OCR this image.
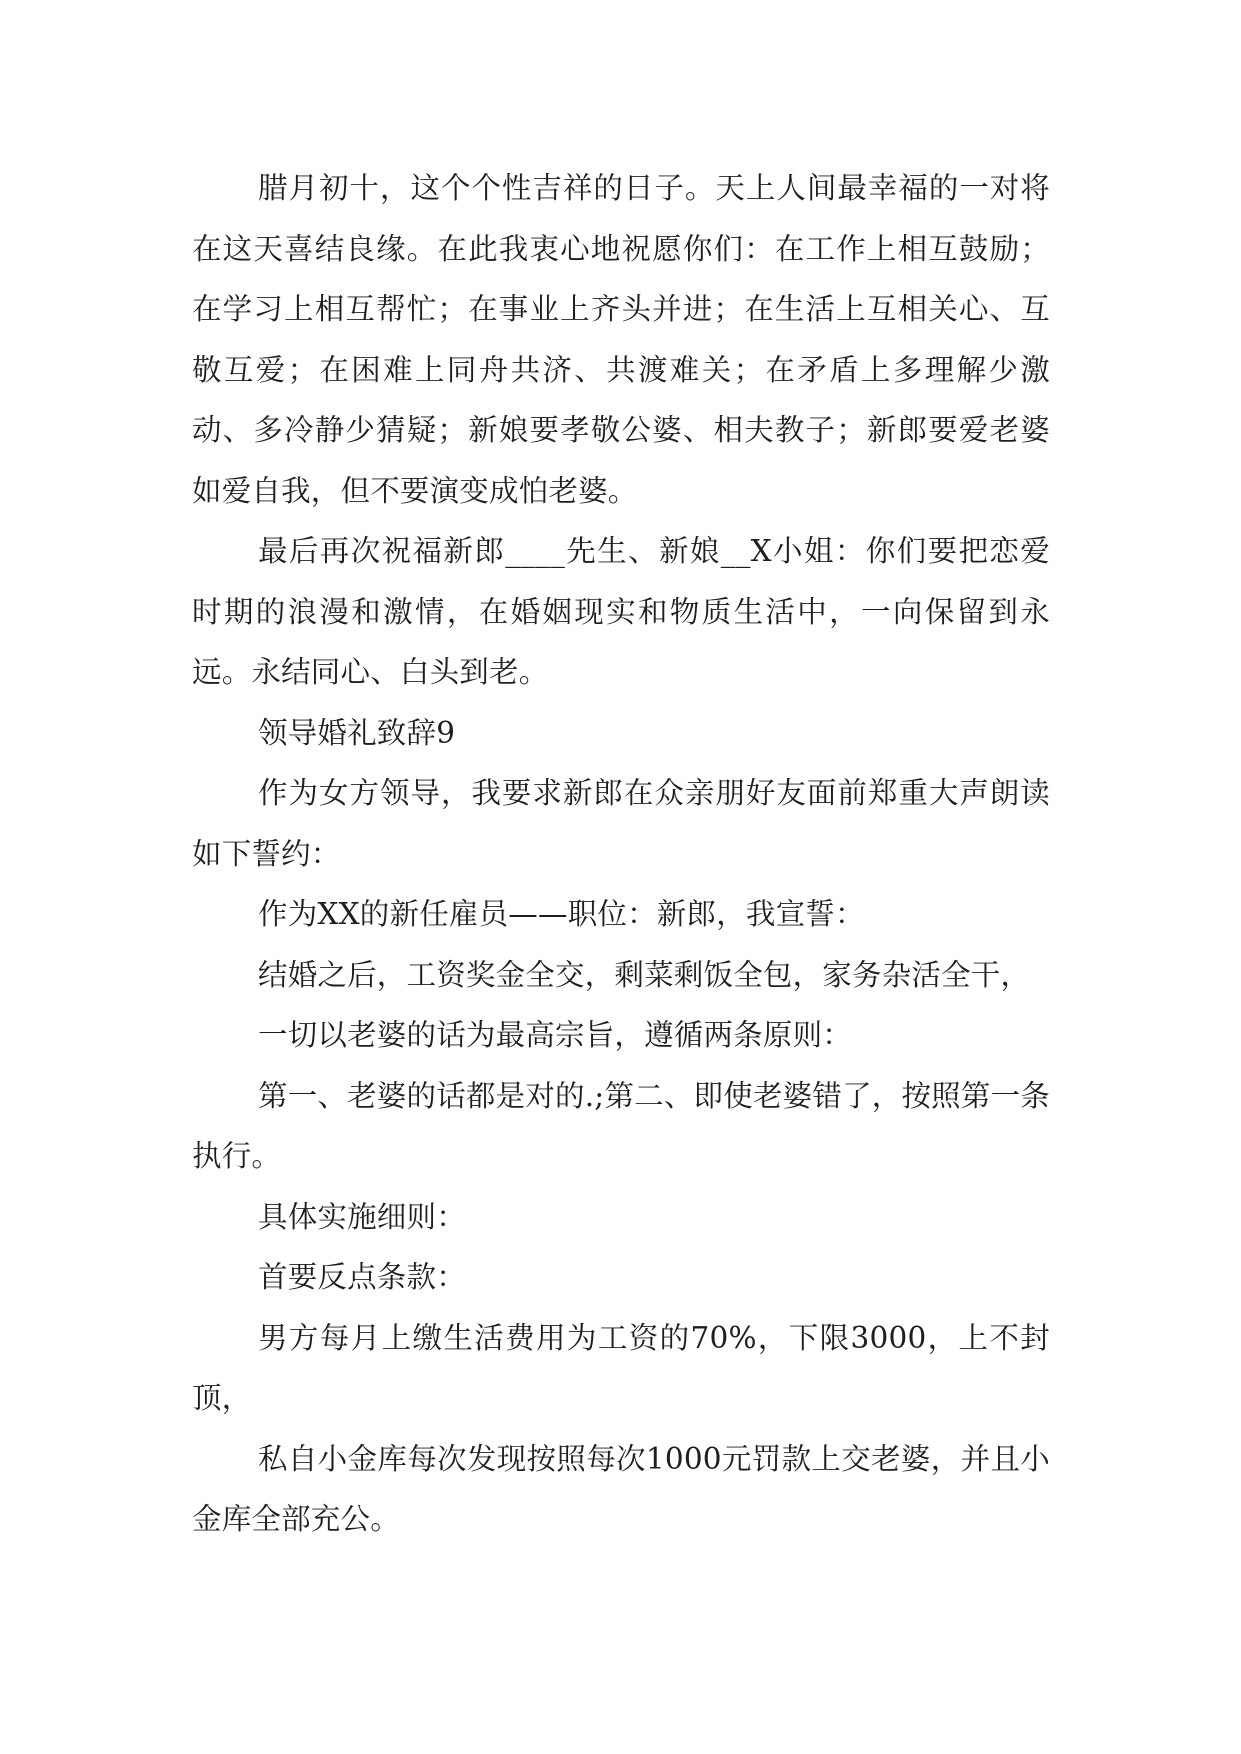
腊月初十，这个个性吉祥的日子。天上人间最幸福的一对将在这天喜结良缘。在此我衷心地祝愿你们：在工作上相互鼓励；在学习上相互帮忙；在事业上齐头并进；在生活上互相关心、互敬互爱；在困难上同舟共济、共渡难关；在矛盾上多理解少激动、多冷静少猜疑；新娘要孝敬公婆、相夫教子；新郎要爱老婆如爱自我，但不要演变成怕老婆。

最后再次祝福新郎____先生、新娘__X小姐：你们要把恋爱时期的浪漫和激情，在婚姻现实和物质生活中，一向保留到永远。永结同心、白头到老。

领导婚礼致辞9

作为女方领导，我要求新郎在众亲朋好友面前郑重大声朗读如下誓约：

作为XX的新任雇员——职位：新郎，我宣誓：

结婚之后，工资奖金全交，剩菜剩饭全包，家务杂活全干，

一切以老婆的话为最高宗旨，遵循两条原则：

第一、老婆的话都是对的.;第二、即使老婆错了，按照第一条执行。

具体实施细则：

首要反点条款：

男方每月上缴生活费用为工资的70%，下限3000，上不封顶，

私自小金库每次发现按照每次1000元罚款上交老婆，并且小金库全部充公。
